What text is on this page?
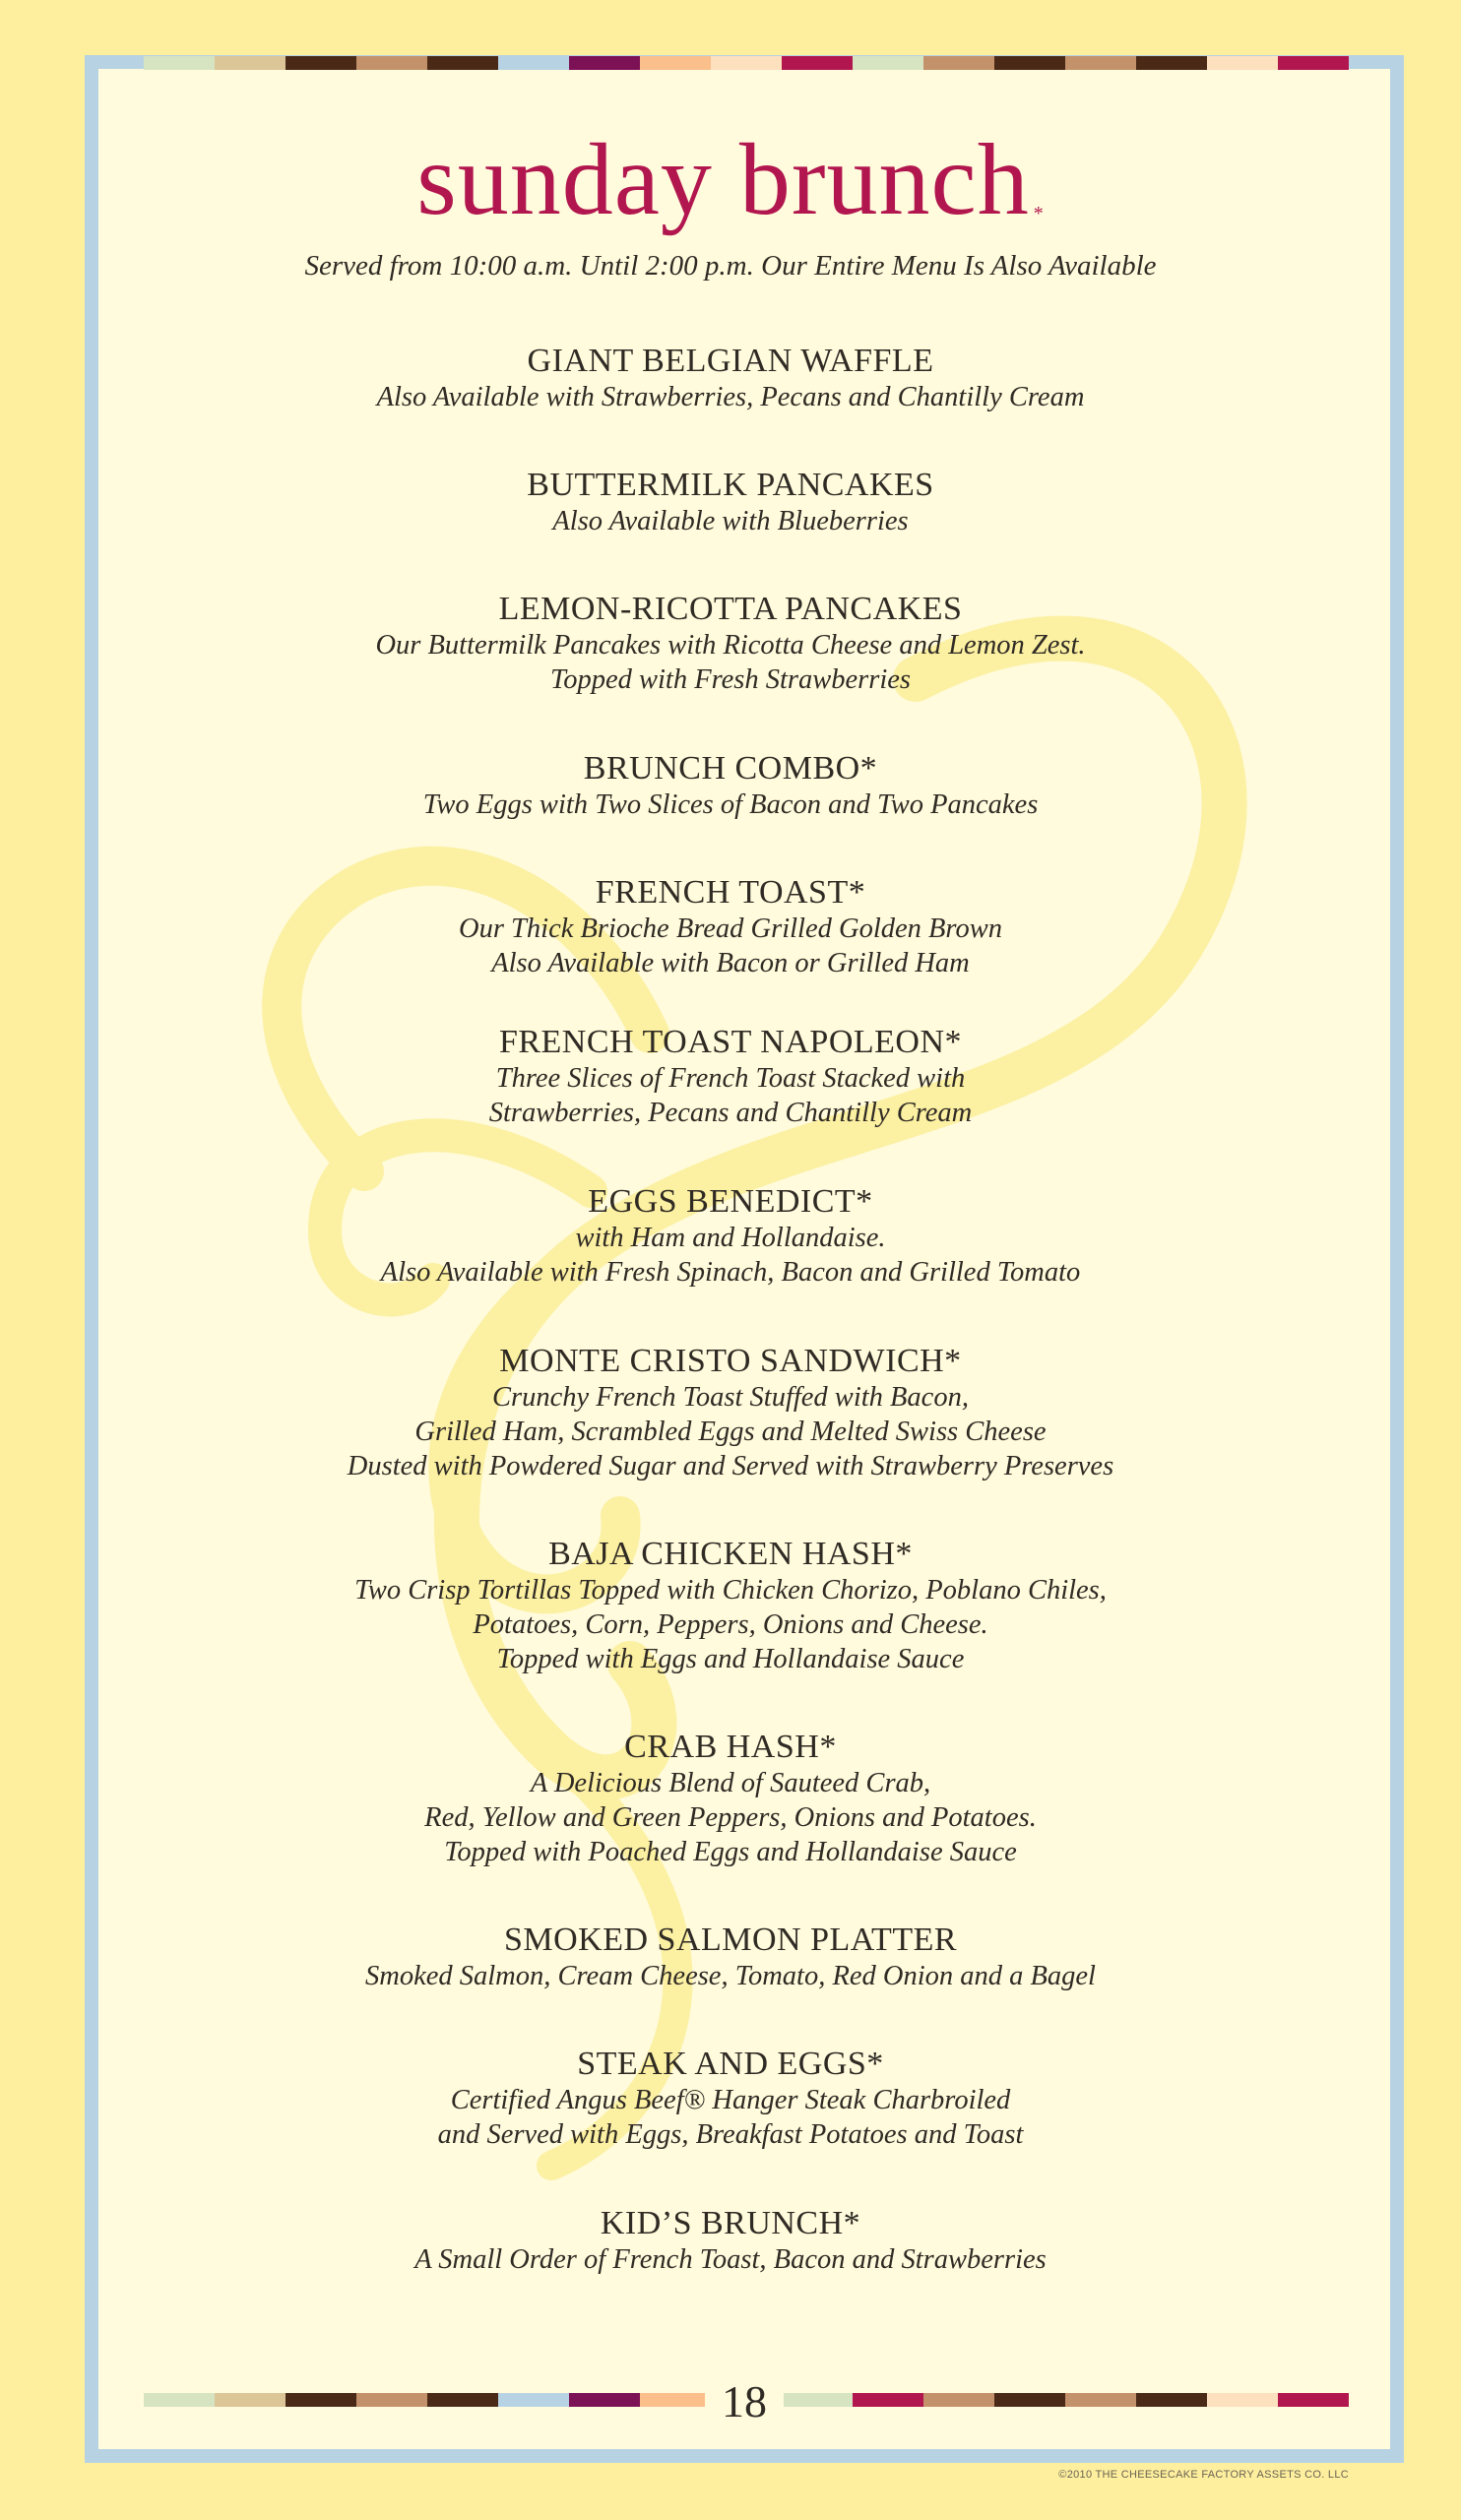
sunday brunch *
Served from 10:00 a.m. Until 2:00 p.m. Our Entire Menu Is Also Available
GIANT BELGIAN WAFFLE
Also Available with Strawberries, Pecans and Chantilly Cream
BUTTERMILK PANCAKES
Also Available with Blueberries
LEMON-RICOTTA PANCAKES
Our Buttermilk Pancakes with Ricotta Cheese and Lemon Zest.
Topped with Fresh Strawberries
BRUNCH COMBO*
Two Eggs with Two Slices of Bacon and Two Pancakes
FRENCH TOAST*
Our Thick Brioche Bread Grilled Golden Brown
Also Available with Bacon or Grilled Ham
FRENCH TOAST NAPOLEON*
Three Slices of French Toast Stacked with
Strawberries, Pecans and Chantilly Cream
EGGS BENEDICT*
with Ham and Hollandaise.
Also Available with Fresh Spinach, Bacon and Grilled Tomato
MONTE CRISTO SANDWICH*
Crunchy French Toast Stuffed with Bacon,
Grilled Ham, Scrambled Eggs and Melted Swiss Cheese
Dusted with Powdered Sugar and Served with Strawberry Preserves
BAJA CHICKEN HASH*
Two Crisp Tortillas Topped with Chicken Chorizo, Poblano Chiles,
Potatoes, Corn, Peppers, Onions and Cheese.
Topped with Eggs and Hollandaise Sauce
CRAB HASH*
A Delicious Blend of Sauteed Crab,
Red, Yellow and Green Peppers, Onions and Potatoes.
Topped with Poached Eggs and Hollandaise Sauce
SMOKED SALMON PLATTER
Smoked Salmon, Cream Cheese, Tomato, Red Onion and a Bagel
STEAK AND EGGS*
Certified Angus Beef® Hanger Steak Charbroiled
and Served with Eggs, Breakfast Potatoes and Toast
KID’S BRUNCH*
A Small Order of French Toast, Bacon and Strawberries
18
©2010 THE CHEESECAKE FACTORY ASSETS CO. LLC
